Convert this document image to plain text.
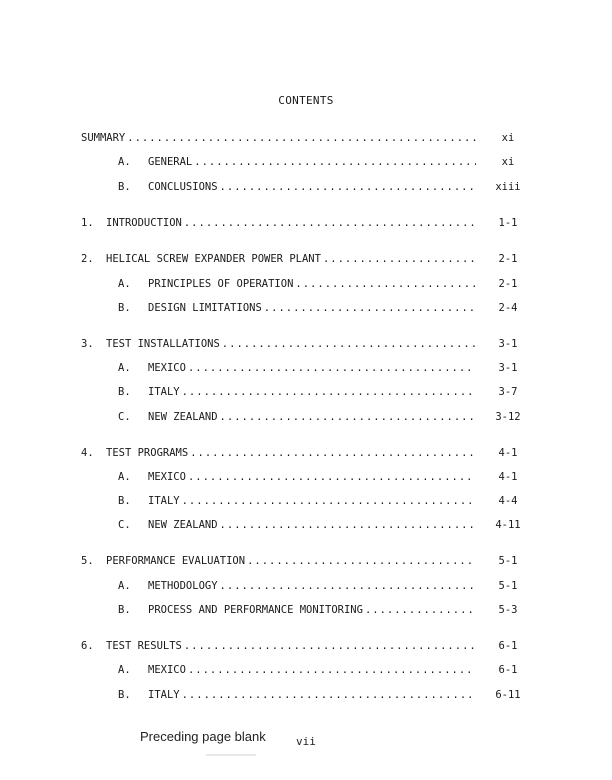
CONTENTS
SUMMARY .....	xi
A. GENERAL .....	xi
B. CONCLUSIONS .....	xiii
1. INTRODUCTION .....	1-1
2. HELICAL SCREW EXPANDER POWER PLANT .....	2-1
A. PRINCIPLES OF OPERATION .....	2-1
B. DESIGN LIMITATIONS .....	2-4
3. TEST INSTALLATIONS .....	3-1
A. MEXICO .....	3-1
B. ITALY .....	3-7
C. NEW ZEALAND .....	3-12
4. TEST PROGRAMS .....	4-1
A. MEXICO .....	4-1
B. ITALY .....	4-4
C. NEW ZEALAND .....	4-11
5. PERFORMANCE EVALUATION .....	5-1
A. METHODOLOGY .....	5-1
B. PROCESS AND PERFORMANCE MONITORING .....	5-3
6. TEST RESULTS .....	6-1
A. MEXICO .....	6-1
B. ITALY .....	6-11
Preceding page blank	vii
